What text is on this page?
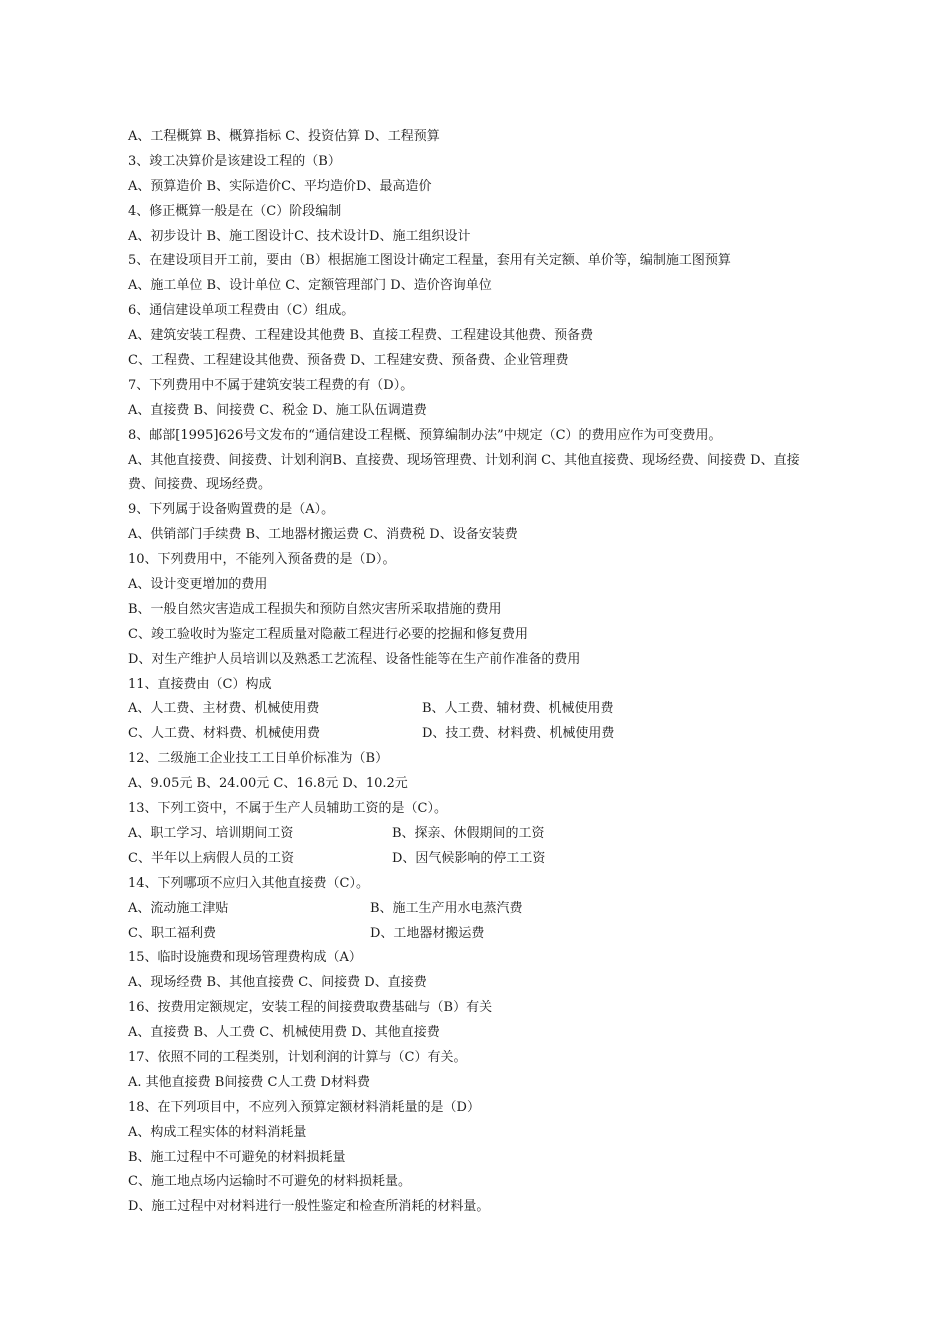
A、工程概算 B、概算指标 C、投资估算 D、工程预算
3、竣工决算价是该建设工程的（B）
A、预算造价 B、实际造价C、平均造价D、最高造价
4、修正概算一般是在（C）阶段编制
A、初步设计 B、施工图设计C、技术设计D、施工组织设计
5、在建设项目开工前，要由（B）根据施工图设计确定工程量，套用有关定额、单价等，编制施工图预算
A、施工单位 B、设计单位 C、定额管理部门 D、造价咨询单位
6、通信建设单项工程费由（C）组成。
A、建筑安装工程费、工程建设其他费 B、直接工程费、工程建设其他费、预备费
C、工程费、工程建设其他费、预备费 D、工程建安费、预备费、企业管理费
7、下列费用中不属于建筑安装工程费的有（D）。
A、直接费 B、间接费 C、税金 D、施工队伍调遣费
8、邮部[1995]626号文发布的“通信建设工程概、预算编制办法”中规定（C）的费用应作为可变费用。
A、其他直接费、间接费、计划利润B、直接费、现场管理费、计划利润 C、其他直接费、现场经费、间接费 D、直接
费、间接费、现场经费。
9、下列属于设备购置费的是（A）。
A、供销部门手续费 B、工地器材搬运费 C、消费税 D、设备安装费
10、下列费用中，不能列入预备费的是（D）。
A、设计变更增加的费用
B、一般自然灾害造成工程损失和预防自然灾害所采取措施的费用
C、竣工验收时为鉴定工程质量对隐蔽工程进行必要的挖掘和修复费用
D、对生产维护人员培训以及熟悉工艺流程、设备性能等在生产前作准备的费用
11、直接费由（C）构成
A、人工费、主材费、机械使用费	B、人工费、辅材费、机械使用费
C、人工费、材料费、机械使用费	D、技工费、材料费、机械使用费
12、二级施工企业技工工日单价标准为（B）
A、9.05元 B、24.00元 C、16.8元 D、10.2元
13、下列工资中，不属于生产人员辅助工资的是（C）。
A、职工学习、培训期间工资	B、探亲、休假期间的工资
C、半年以上病假人员的工资	D、因气候影响的停工工资
14、下列哪项不应归入其他直接费（C）。
A、流动施工津贴	B、施工生产用水电蒸汽费
C、职工福利费	D、工地器材搬运费
15、临时设施费和现场管理费构成（A）
A、现场经费 B、其他直接费 C、间接费 D、直接费
16、按费用定额规定，安装工程的间接费取费基础与（B）有关
A、直接费 B、人工费 C、机械使用费 D、其他直接费
17、依照不同的工程类别，计划利润的计算与（C）有关。
A. 其他直接费 B间接费 C人工费 D材料费
18、在下列项目中，不应列入预算定额材料消耗量的是（D）
A、构成工程实体的材料消耗量
B、施工过程中不可避免的材料损耗量
C、施工地点场内运输时不可避免的材料损耗量。
D、施工过程中对材料进行一般性鉴定和检查所消耗的材料量。
